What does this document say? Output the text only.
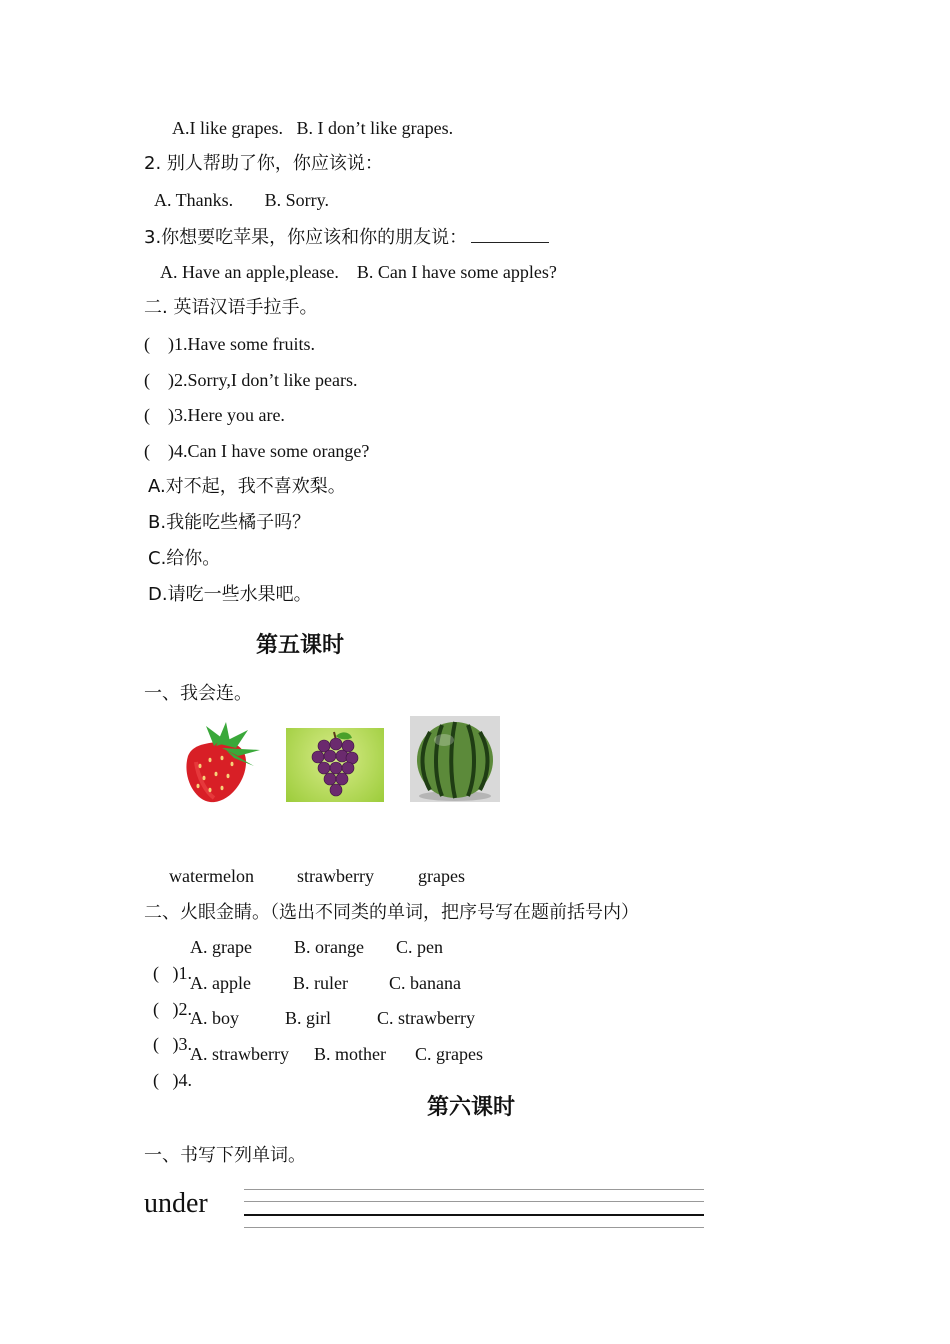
A.I like grapes.   B. I don’t like grapes.
2. 别人帮助了你，你应该说：
A. Thanks.       B. Sorry.
3.你想要吃苹果，你应该和你的朋友说：
A. Have an apple,please.    B. Can I have some apples?
二. 英语汉语手拉手。
(    )1.Have some fruits.
(    )2.Sorry,I don’t like pears.
(    )3.Here you are.
(    )4.Can I have some orange?
A.对不起，我不喜欢梨。
B.我能吃些橘子吗？
C.给你。
D.请吃一些水果吧。
第五课时
一、我会连。
watermelon strawberry grapes
二、火眼金睛。（选出不同类的单词，把序号写在题前括号内）

(   )1.

A. grape B. orange C. pen

(   )2.

A. apple B. ruler C. banana

(   )3.

A. boy	B. girl	C. strawberry

(   )4.

A. strawberry B. mother C. grapes
第六课时
一、书写下列单词。
under
